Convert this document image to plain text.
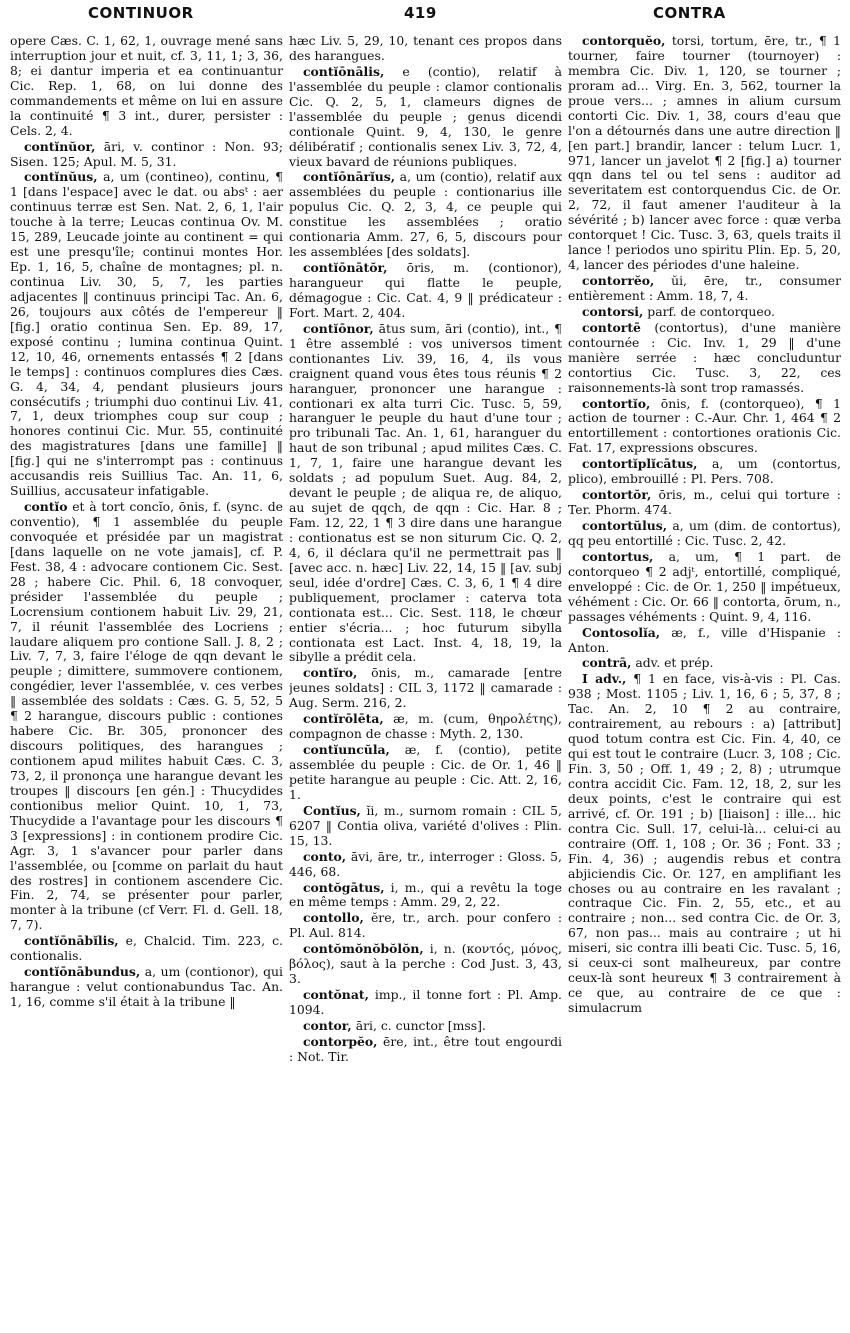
CONTINUOR	419	CONTRA

opere Cæs. C. 1, 62, 1, ouvrage mené sans interruption jour et nuit, cf. 3, 11, 1; 3, 36, 8; ei dantur imperia et ea continuantur Cic. Rep. 1, 68, on lui donne des commandements et même on lui en assure la continuité ¶ 3 int., durer, persister : Cels. 2, 4.

contĭnŭor, āri, v. continor : Non. 93; Sisen. 125; Apul. M. 5, 31.

contĭnŭus, a, um (contineo), continu, ¶ 1 [dans l'espace] avec le dat. ou absᵗ : aer continuus terræ est Sen. Nat. 2, 6, 1, l'air touche à la terre; Leucas continua Ov. M. 15, 289, Leucade jointe au continent = qui est une presqu'île; continui montes Hor. Ep. 1, 16, 5, chaîne de montagnes; pl. n. continua Liv. 30, 5, 7, les parties adjacentes ‖ continuus principi Tac. An. 6, 26, toujours aux côtés de l'empereur ‖ [fig.] oratio continua Sen. Ep. 89, 17, exposé continu ; lumina continua Quint. 12, 10, 46, ornements entassés ¶ 2 [dans le temps] : continuos complures dies Cæs. G. 4, 34, 4, pendant plusieurs jours consécutifs ; triumphi duo continui Liv. 41, 7, 1, deux triomphes coup sur coup ; honores continui Cic. Mur. 55, continuité des magistratures [dans une famille] ‖ [fig.] qui ne s'interrompt pas : continuus accusandis reis Suillius Tac. An. 11, 6, Suillius, accusateur infatigable.

contĭo et à tort concĭo, ōnis, f. (sync. de conventio), ¶ 1 assemblée du peuple convoquée et présidée par un magistrat [dans laquelle on ne vote jamais], cf. P. Fest. 38, 4 : advocare contionem Cic. Sest. 28 ; habere Cic. Phil. 6, 18 convoquer, présider l'assemblée du peuple ; Locrensium contionem habuit Liv. 29, 21, 7, il réunit l'assemblée des Locriens ; laudare aliquem pro contione Sall. J. 8, 2 ; Liv. 7, 7, 3, faire l'éloge de qqn devant le peuple ; dimittere, summovere contionem, congédier, lever l'assemblée, v. ces verbes ‖ assemblée des soldats : Cæs. G. 5, 52, 5 ¶ 2 harangue, discours public : contiones habere Cic. Br. 305, prononcer des discours politiques, des harangues ; contionem apud milites habuit Cæs. C. 3, 73, 2, il prononça une harangue devant les troupes ‖ discours [en gén.] : Thucydides contionibus melior Quint. 10, 1, 73, Thucydide a l'avantage pour les discours ¶ 3 [expressions] : in contionem prodire Cic. Agr. 3, 1 s'avancer pour parler dans l'assemblée, ou [comme on parlait du haut des rostres] in contionem ascendere Cic. Fin. 2, 74, se présenter pour parler, monter à la tribune (cf Verr. Fl. d. Gell. 18, 7, 7).

contĭōnābĭlis, e, Chalcid. Tim. 223, c. contionalis.

contĭōnābundus, a, um (contionor), qui harangue : velut contionabundus Tac. An. 1, 16, comme s'il était à la tribune ‖

hæc Liv. 5, 29, 10, tenant ces propos dans des harangues.

contĭōnālis, e (contio), relatif à l'assemblée du peuple : clamor contionalis Cic. Q. 2, 5, 1, clameurs dignes de l'assemblée du peuple ; genus dicendi contionale Quint. 9, 4, 130, le genre délibératif ; contionalis senex Liv. 3, 72, 4, vieux bavard de réunions publiques.

contĭōnārĭus, a, um (contio), relatif aux assemblées du peuple : contionarius ille populus Cic. Q. 2, 3, 4, ce peuple qui constitue les assemblées ; oratio contionaria Amm. 27, 6, 5, discours pour les assemblées [des soldats].

contĭōnātŏr, ōris, m. (contionor), harangueur qui flatte le peuple, démagogue : Cic. Cat. 4, 9 ‖ prédicateur : Fort. Mart. 2, 404.

contĭōnor, ātus sum, āri (contio), int., ¶ 1 être assemblé : vos universos timent contionantes Liv. 39, 16, 4, ils vous craignent quand vous êtes tous réunis ¶ 2 haranguer, prononcer une harangue : contionari ex alta turri Cic. Tusc. 5, 59, haranguer le peuple du haut d'une tour ; pro tribunali Tac. An. 1, 61, haranguer du haut de son tribunal ; apud milites Cæs. C. 1, 7, 1, faire une harangue devant les soldats ; ad populum Suet. Aug. 84, 2, devant le peuple ; de aliqua re, de aliquo, au sujet de qqch, de qqn : Cic. Har. 8 ; Fam. 12, 22, 1 ¶ 3 dire dans une harangue : contionatus est se non siturum Cic. Q. 2, 4, 6, il déclara qu'il ne permettrait pas ‖ [avec acc. n. hæc] Liv. 22, 14, 15 ‖ [av. subj seul, idée d'ordre] Cæs. C. 3, 6, 1 ¶ 4 dire publiquement, proclamer : caterva tota contionata est... Cic. Sest. 118, le chœur entier s'écria... ; hoc futurum sibylla contionata est Lact. Inst. 4, 18, 19, la sibylle a prédit cela.

contĭro, ōnis, m., camarade [entre jeunes soldats] : CIL 3, 1172 ‖ camarade : Aug. Serm. 216, 2.

contĭrōlēta, æ, m. (cum, θηρολέτης), compagnon de chasse : Myth. 2, 130.

contĭuncŭla, æ, f. (contio), petite assemblée du peuple : Cic. de Or. 1, 46 ‖ petite harangue au peuple : Cic. Att. 2, 16, 1.

Contĭus, ĭi, m., surnom romain : CIL 5, 6207 ‖ Contia oliva, variété d'olives : Plin. 15, 13.

conto, āvi, āre, tr., interroger : Gloss. 5, 446, 68.

contŏgātus, i, m., qui a revêtu la toge en même temps : Amm. 29, 2, 22.

contollo, ĕre, tr., arch. pour confero : Pl. Aul. 814.

contŏmŏnŏbŏlŏn, i, n. (κοντός, μόνος, βόλος), saut à la perche : Cod Just. 3, 43, 3.

contŏnat, imp., il tonne fort : Pl. Amp. 1094.

contor, āri, c. cunctor [mss].

contorpĕo, ēre, int., être tout engourdi : Not. Tir.

contorquĕo, torsi, tortum, ēre, tr., ¶ 1 tourner, faire tourner (tournoyer) : membra Cic. Div. 1, 120, se tourner ; proram ad... Virg. En. 3, 562, tourner la proue vers... ; amnes in alium cursum contorti Cic. Div. 1, 38, cours d'eau que l'on a détournés dans une autre direction ‖ [en part.] brandir, lancer : telum Lucr. 1, 971, lancer un javelot ¶ 2 [fig.] a) tourner qqn dans tel ou tel sens : auditor ad severitatem est contorquendus Cic. de Or. 2, 72, il faut amener l'auditeur à la sévérité ; b) lancer avec force : quæ verba contorquet ! Cic. Tusc. 3, 63, quels traits il lance ! periodos uno spiritu Plin. Ep. 5, 20, 4, lancer des périodes d'une haleine.

contorrĕo, ŭi, ēre, tr., consumer entièrement : Amm. 18, 7, 4.

contorsi, parf. de contorqueo.

contortē (contortus), d'une manière contournée : Cic. Inv. 1, 29 ‖ d'une manière serrée : hæc concluduntur contortius Cic. Tusc. 3, 22, ces raisonnements-là sont trop ramassés.

contortĭo, ōnis, f. (contorqueo), ¶ 1 action de tourner : C.-Aur. Chr. 1, 464 ¶ 2 entortillement : contortiones orationis Cic. Fat. 17, expressions obscures.

contortĭplĭcātus, a, um (contortus, plico), embrouillé : Pl. Pers. 708.

contortŏr, ōris, m., celui qui torture : Ter. Phorm. 474.

contortŭlus, a, um (dim. de contortus), qq peu entortillé : Cic. Tusc. 2, 42.

contortus, a, um, ¶ 1 part. de contorqueo ¶ 2 adjᵗ, entortillé, compliqué, enveloppé : Cic. de Or. 1, 250 ‖ impétueux, véhément : Cic. Or. 66 ‖ contorta, ōrum, n., passages véhéments : Quint. 9, 4, 116.

Contosolĭa, æ, f., ville d'Hispanie : Anton.

contrā, adv. et prép.

I adv., ¶ 1 en face, vis-à-vis : Pl. Cas. 938 ; Most. 1105 ; Liv. 1, 16, 6 ; 5, 37, 8 ; Tac. An. 2, 10 ¶ 2 au contraire, contrairement, au rebours : a) [attribut] quod totum contra est Cic. Fin. 4, 40, ce qui est tout le contraire (Lucr. 3, 108 ; Cic. Fin. 3, 50 ; Off. 1, 49 ; 2, 8) ; utrumque contra accidit Cic. Fam. 12, 18, 2, sur les deux points, c'est le contraire qui est arrivé, cf. Or. 191 ; b) [liaison] : ille... hic contra Cic. Sull. 17, celui-là... celui-ci au contraire (Off. 1, 108 ; Or. 36 ; Font. 33 ; Fin. 4, 36) ; augendis rebus et contra abjiciendis Cic. Or. 127, en amplifiant les choses ou au contraire en les ravalant ; contraque Cic. Fin. 2, 55, etc., et au contraire ; non... sed contra Cic. de Or. 3, 67, non pas... mais au contraire ; ut hi miseri, sic contra illi beati Cic. Tusc. 5, 16, si ceux-ci sont malheureux, par contre ceux-là sont heureux ¶ 3 contrairement à ce que, au contraire de ce que : simulacrum
